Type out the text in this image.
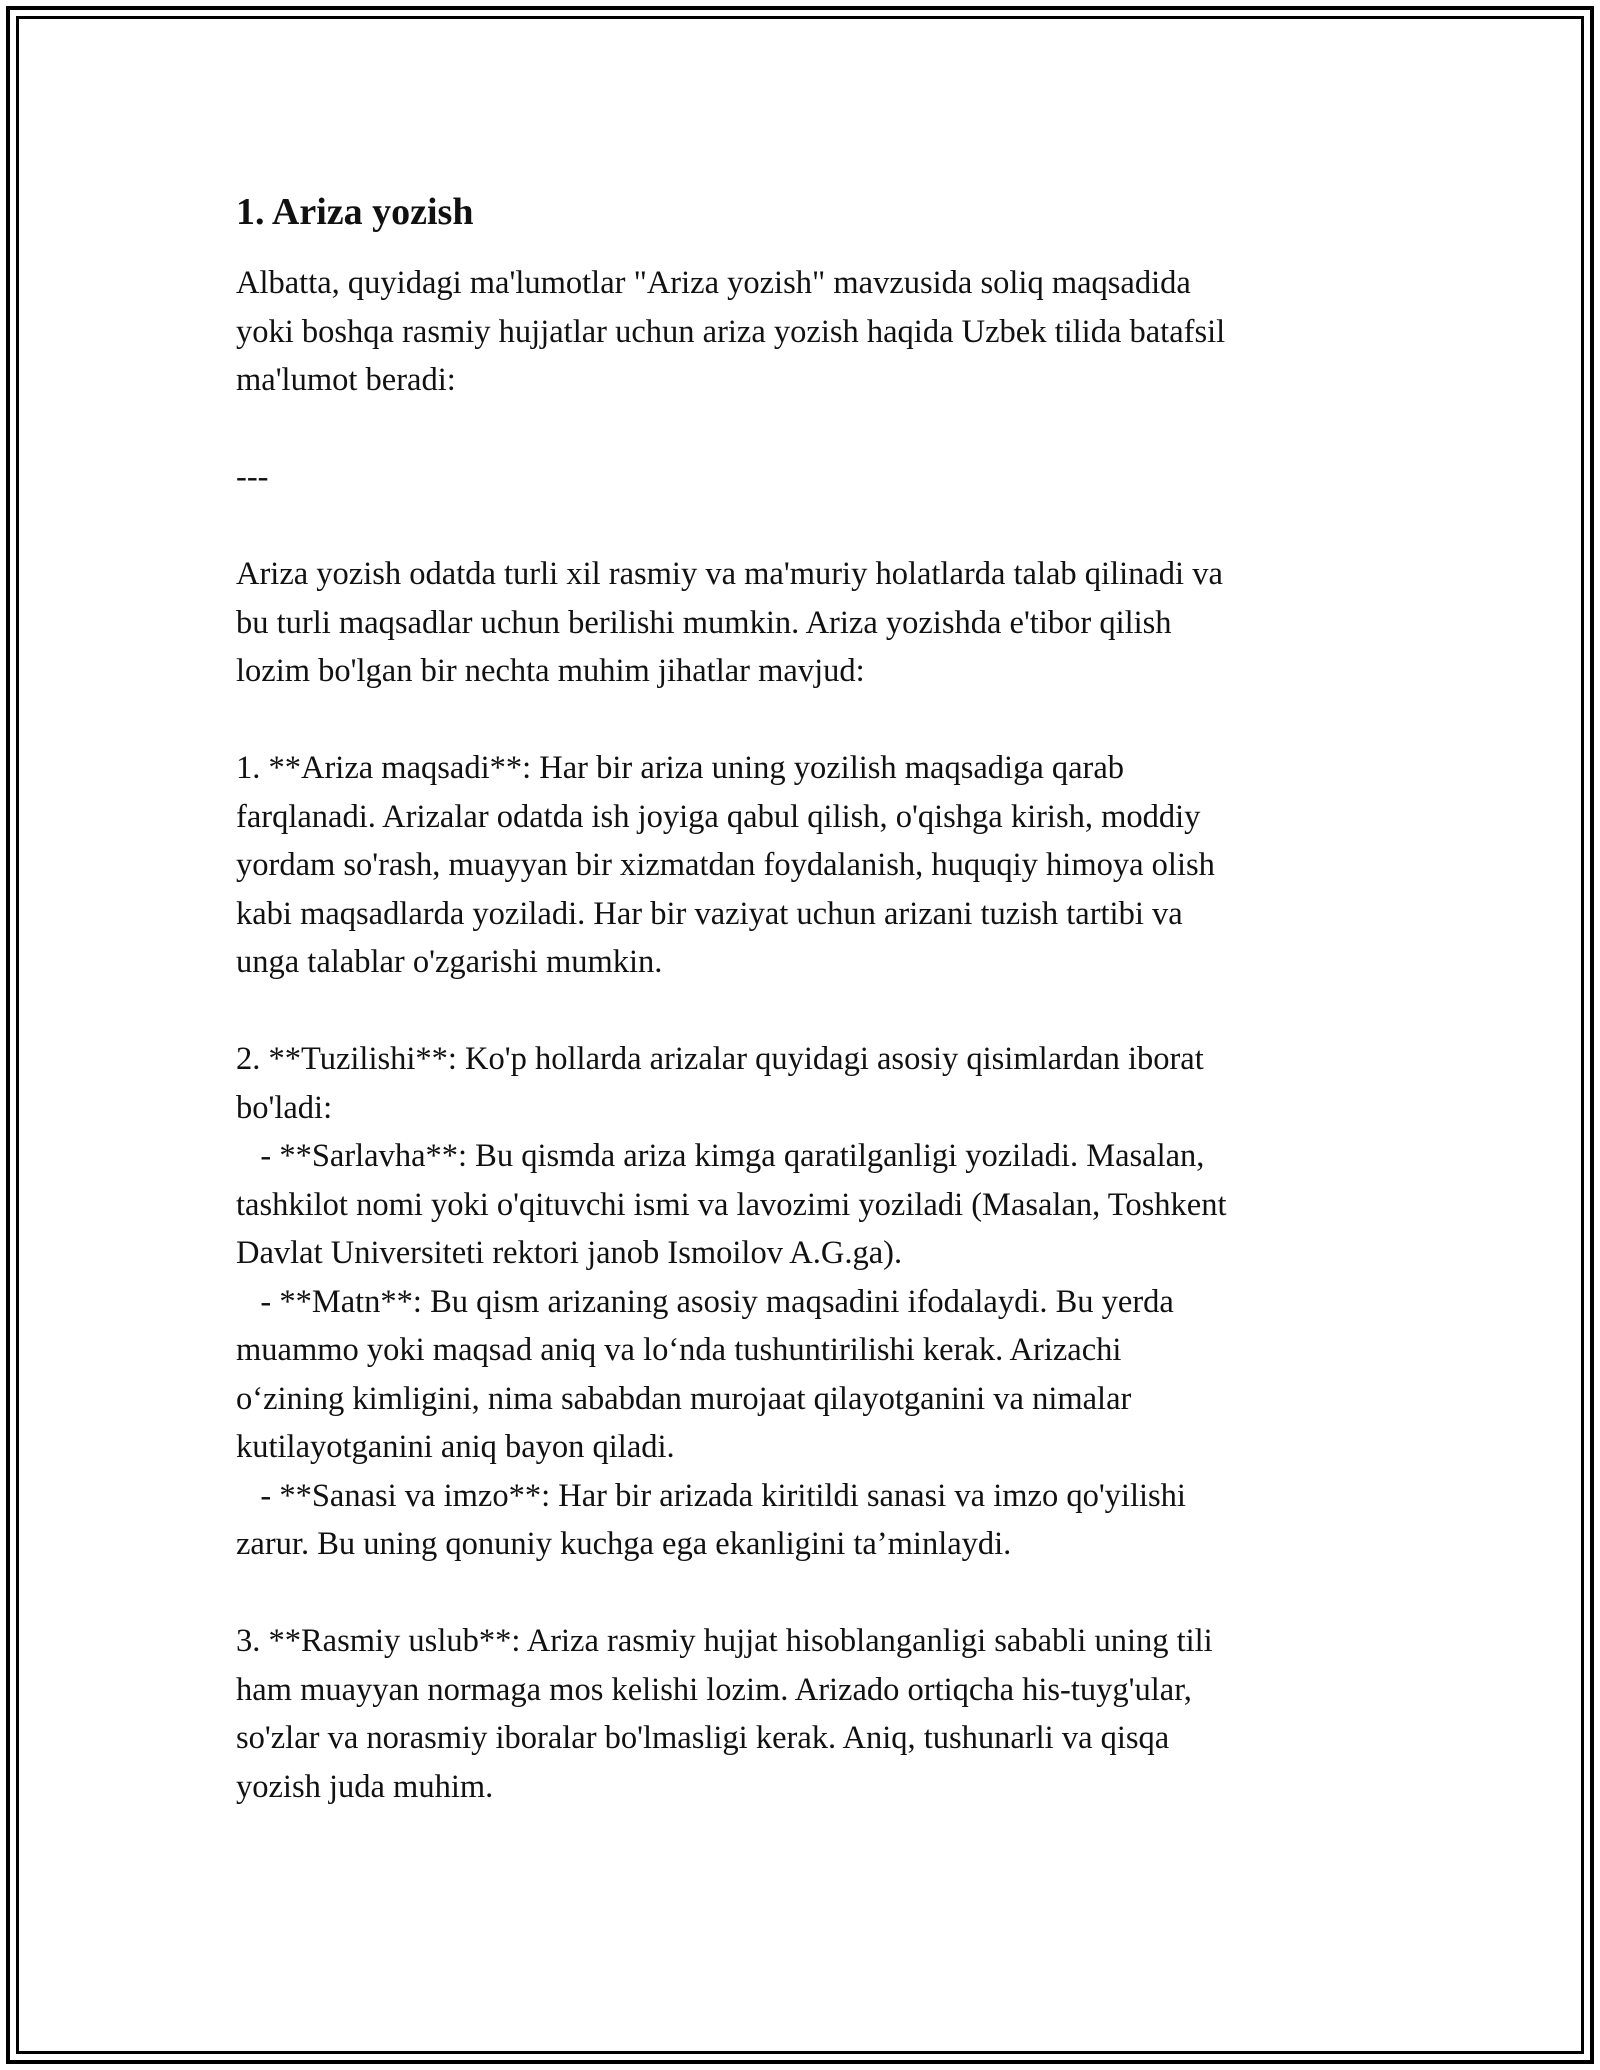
1. Ariza yozish

Albatta, quyidagi ma'lumotlar "Ariza yozish" mavzusida soliq maqsadida
yoki boshqa rasmiy hujjatlar uchun ariza yozish haqida Uzbek tilida batafsil
ma'lumot beradi:

---

Ariza yozish odatda turli xil rasmiy va ma'muriy holatlarda talab qilinadi va
bu turli maqsadlar uchun berilishi mumkin. Ariza yozishda e'tibor qilish
lozim bo'lgan bir nechta muhim jihatlar mavjud:

1. **Ariza maqsadi**: Har bir ariza uning yozilish maqsadiga qarab
farqlanadi. Arizalar odatda ish joyiga qabul qilish, o'qishga kirish, moddiy
yordam so'rash, muayyan bir xizmatdan foydalanish, huquqiy himoya olish
kabi maqsadlarda yoziladi. Har bir vaziyat uchun arizani tuzish tartibi va
unga talablar o'zgarishi mumkin.

2. **Tuzilishi**: Ko'p hollarda arizalar quyidagi asosiy qisimlardan iborat
bo'ladi:
- **Sarlavha**: Bu qismda ariza kimga qaratilganligi yoziladi. Masalan,
tashkilot nomi yoki o'qituvchi ismi va lavozimi yoziladi (Masalan, Toshkent
Davlat Universiteti rektori janob Ismoilov A.G.ga).
- **Matn**: Bu qism arizaning asosiy maqsadini ifodalaydi. Bu yerda
muammo yoki maqsad aniq va lo‘nda tushuntirilishi kerak. Arizachi
o‘zining kimligini, nima sababdan murojaat qilayotganini va nimalar
kutilayotganini aniq bayon qiladi.
- **Sanasi va imzo**: Har bir arizada kiritildi sanasi va imzo qo'yilishi
zarur. Bu uning qonuniy kuchga ega ekanligini ta’minlaydi.

3. **Rasmiy uslub**: Ariza rasmiy hujjat hisoblanganligi sababli uning tili
ham muayyan normaga mos kelishi lozim. Arizado ortiqcha his-tuyg'ular,
so'zlar va norasmiy iboralar bo'lmasligi kerak. Aniq, tushunarli va qisqa
yozish juda muhim.
